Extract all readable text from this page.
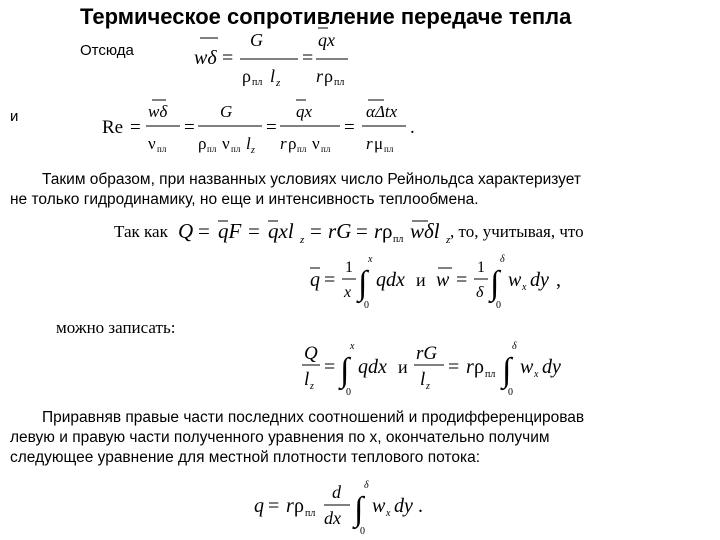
Термическое сопротивление передаче тепла
Отсюда	wδ =
G
ρ пл l z
=
qx
r ρ пл
и
Re =
wδ
ν пл
=
G
ρ пл ν пл l z
=
qx
r ρ пл ν пл
=
αΔtx
r μ пл
.
Таким образом, при названных условиях число Рейнольдса характеризует
не только гидродинамику, но еще и интенсивность теплообмена.
Так как Q = qF = qxl z = rG = r ρ пл wδl z , то, учитывая, что
q =
1
x ∫
x
0
qdx и w =
1
δ ∫
δ
0
w x dy ,
можно записать:
Q
l z
= ∫
x
0
qdx и
rG
l z
= r ρ пл ∫
δ
0
w x dy
Приравняв правые части последних соотношений и продифференцировав
левую и правую части полученного уравнения по x, окончательно получим
следующее уравнение для местной плотности теплового потока:
q = r ρ пл
d
dx ∫
δ
0
w x dy .
